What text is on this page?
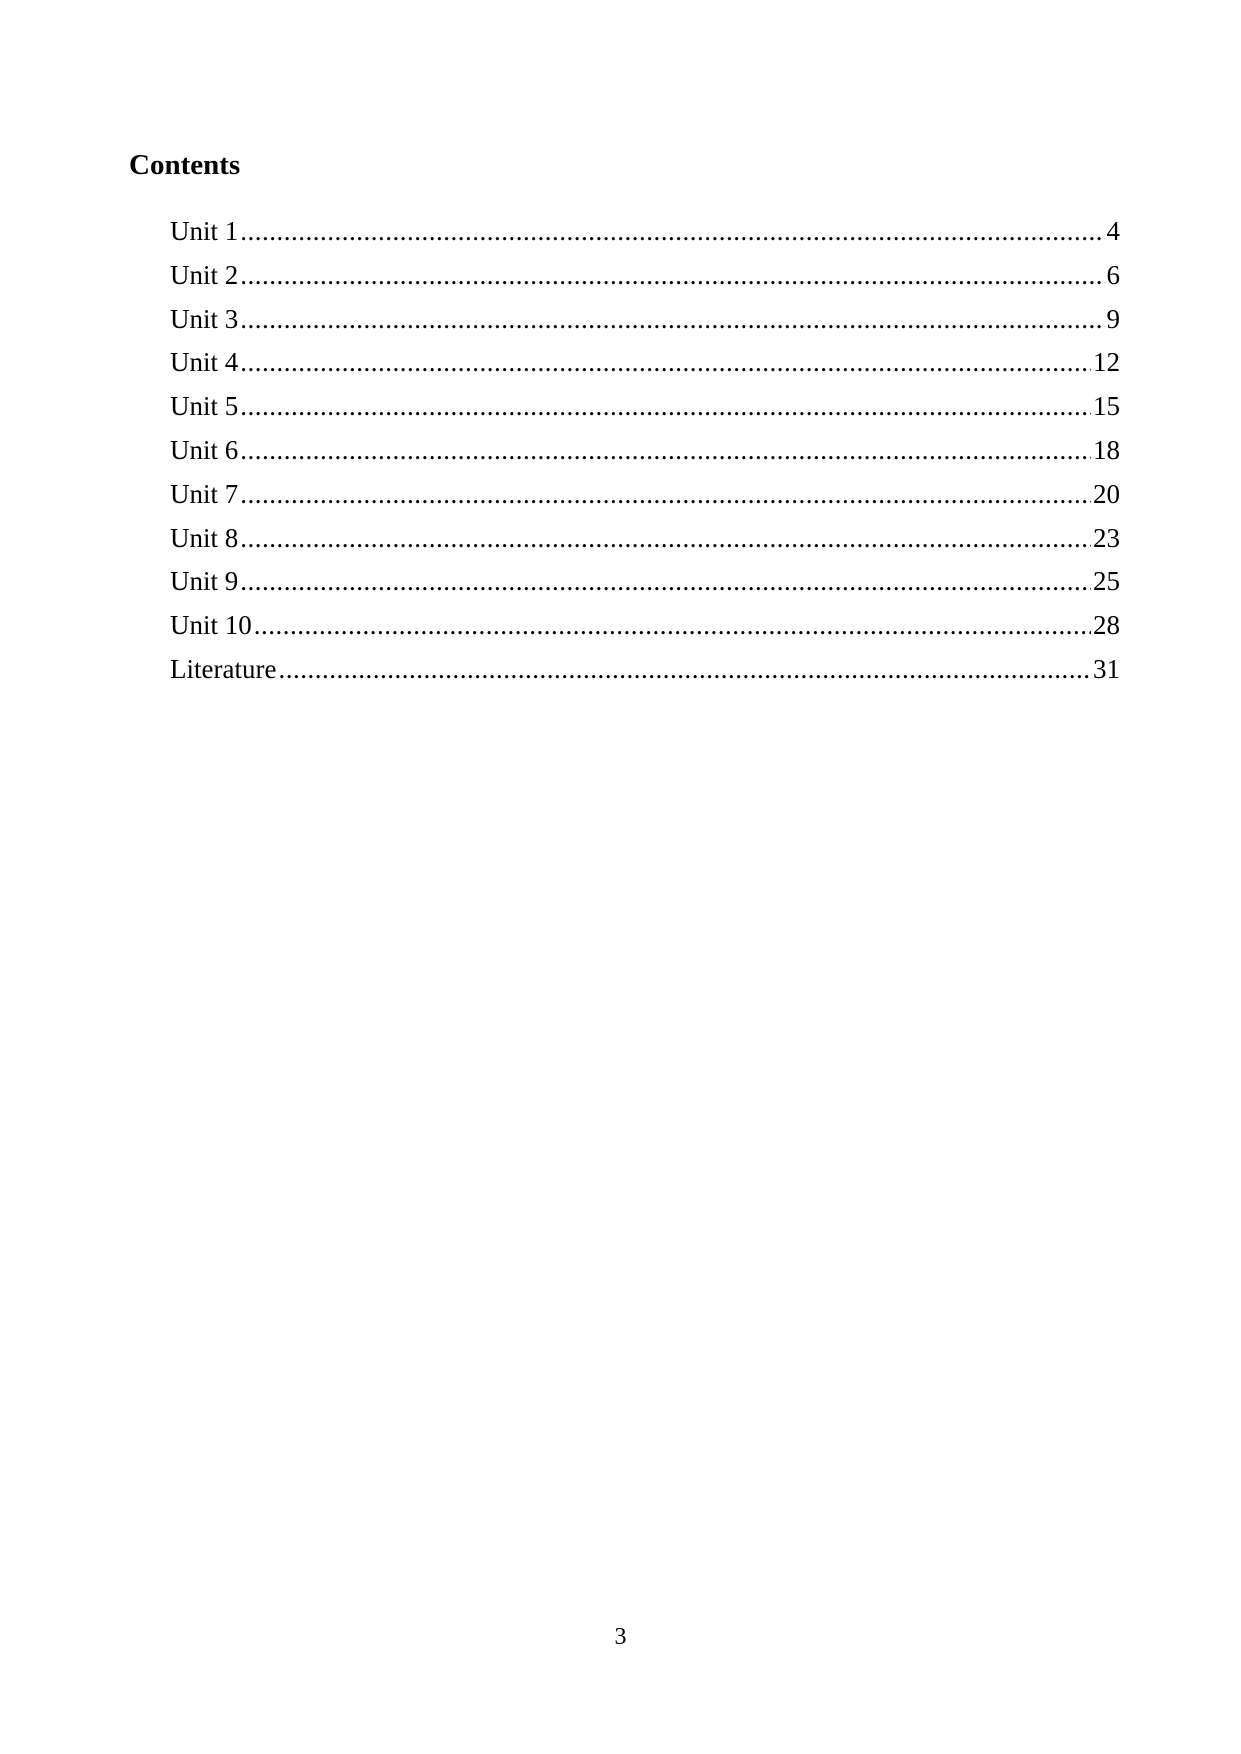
Contents
Unit 1 .....	4
Unit 2 .....	6
Unit 3 .....	9
Unit 4 .....	12
Unit 5 .....	15
Unit 6 .....	18
Unit 7 .....	20
Unit 8 .....	23
Unit 9 .....	25
Unit 10 .....	28
Literature .....	31
3
